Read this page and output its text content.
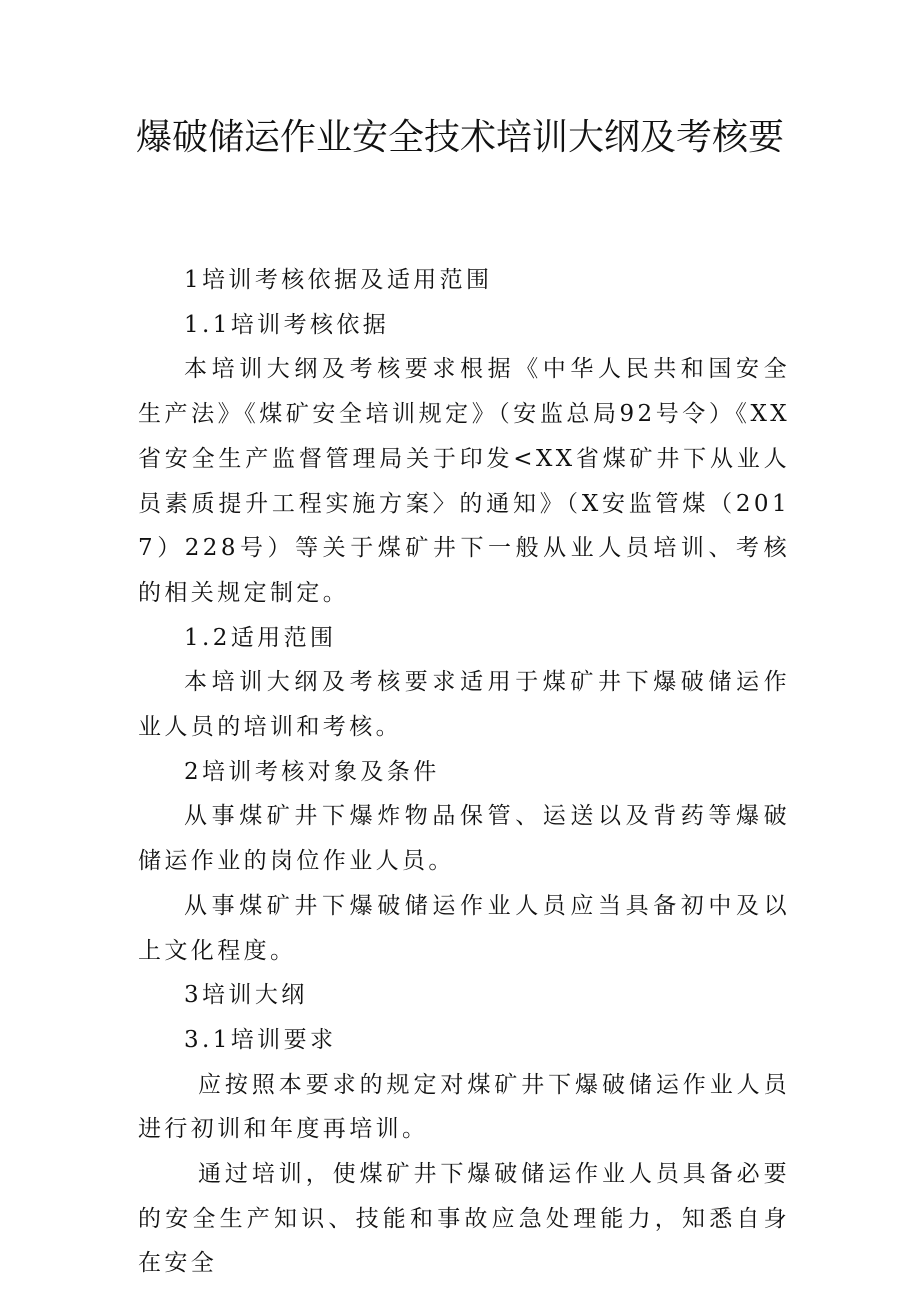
爆破储运作业安全技术培训大纲及考核要

1培训考核依据及适用范围

1.1培训考核依据

本培训大纲及考核要求根据《中华人民共和国安全生产法》《煤矿安全培训规定》（安监总局92号令）《XX省安全生产监督管理局关于印发<XX省煤矿井下从业人员素质提升工程实施方案〉的通知》（X安监管煤（2017）228号）等关于煤矿井下一般从业人员培训、考核的相关规定制定。

1.2适用范围

本培训大纲及考核要求适用于煤矿井下爆破储运作业人员的培训和考核。

2培训考核对象及条件

从事煤矿井下爆炸物品保管、运送以及背药等爆破储运作业的岗位作业人员。

从事煤矿井下爆破储运作业人员应当具备初中及以上文化程度。

3培训大纲

3.1培训要求

应按照本要求的规定对煤矿井下爆破储运作业人员进行初训和年度再培训。

通过培训，使煤矿井下爆破储运作业人员具备必要的安全生产知识、技能和事故应急处理能力，知悉自身在安全
